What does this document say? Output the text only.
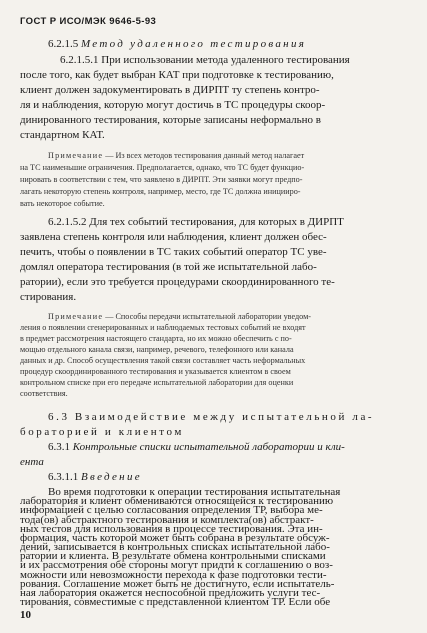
ГОСТ Р ИСО/МЭК 9646-5-93
6.2.1.5 Метод удаленного тестирования
6.2.1.5.1 При использовании метода удаленного тестирования
после того, как будет выбран КАТ при подготовке к тестированию,
клиент должен задокументировать в ДИРПТ ту степень контро-
ля и наблюдения, которую могут достичь в ТС процедуры скоор-
динированного тестирования, которые записаны неформально в
стандартном КАТ.
Примечание — Из всех методов тестирования данный метод налагает
на ТС наименьшие ограничения. Предполагается, однако, что ТС будет функцио-
нировать в соответствии с тем, что заявлено в ДИРПТ. Эти заявки могут предпо-
лагать некоторую степень контроля, например, место, где ТС должна иницииро-
вать некоторое событие.
6.2.1.5.2 Для тех событий тестирования, для которых в ДИРПТ
заявлена степень контроля или наблюдения, клиент должен обес-
печить, чтобы о появлении в ТС таких событий оператор ТС уве-
домлял оператора тестирования (в той же испытательной лабо-
ратории), если это требуется процедурами скоординированного те-
стирования.
Примечание — Способы передачи испытательной лаборатории уведом-
ления о появлении сгенерированных и наблюдаемых тестовых событий не входят
в предмет рассмотрения настоящего стандарта, но их можно обеспечить с по-
мощью отдельного канала связи, например, речевого, телефонного или канала
данных и др. Способ осуществления такой связи составляет часть неформальных
процедур скоординированного тестирования и указывается клиентом в своем
контрольном списке при его передаче испытательной лаборатории для оценки
соответствия.
6.3 Взаимодействие между испытательной ла-
бораторией и клиентом
6.3.1 Контрольные списки испытательной лаборатории и кли-
ента
6.3.1.1 Введение
Во время подготовки к операции тестирования испытательная
лаборатория и клиент обмениваются относящейся к тестированию
информацией с целью согласования определения ТР, выбора ме-
тода(ов) абстрактного тестирования и комплекта(ов) абстракт-
ных тестов для использования в процессе тестирования. Эта ин-
формация, часть которой может быть собрана в результате обсуж-
дений, записывается в контрольных списках испытательной лабо-
ратории и клиента. В результате обмена контрольными списками
и их рассмотрения обе стороны могут придти к соглашению о воз-
можности или невозможности перехода к фазе подготовки тести-
10
рования. Соглашение может быть не достигнуто, если испытатель-
ная лаборатория окажется неспособной предложить услуги тес-
тирования, совместимые с представленной клиентом ТР. Если обе
